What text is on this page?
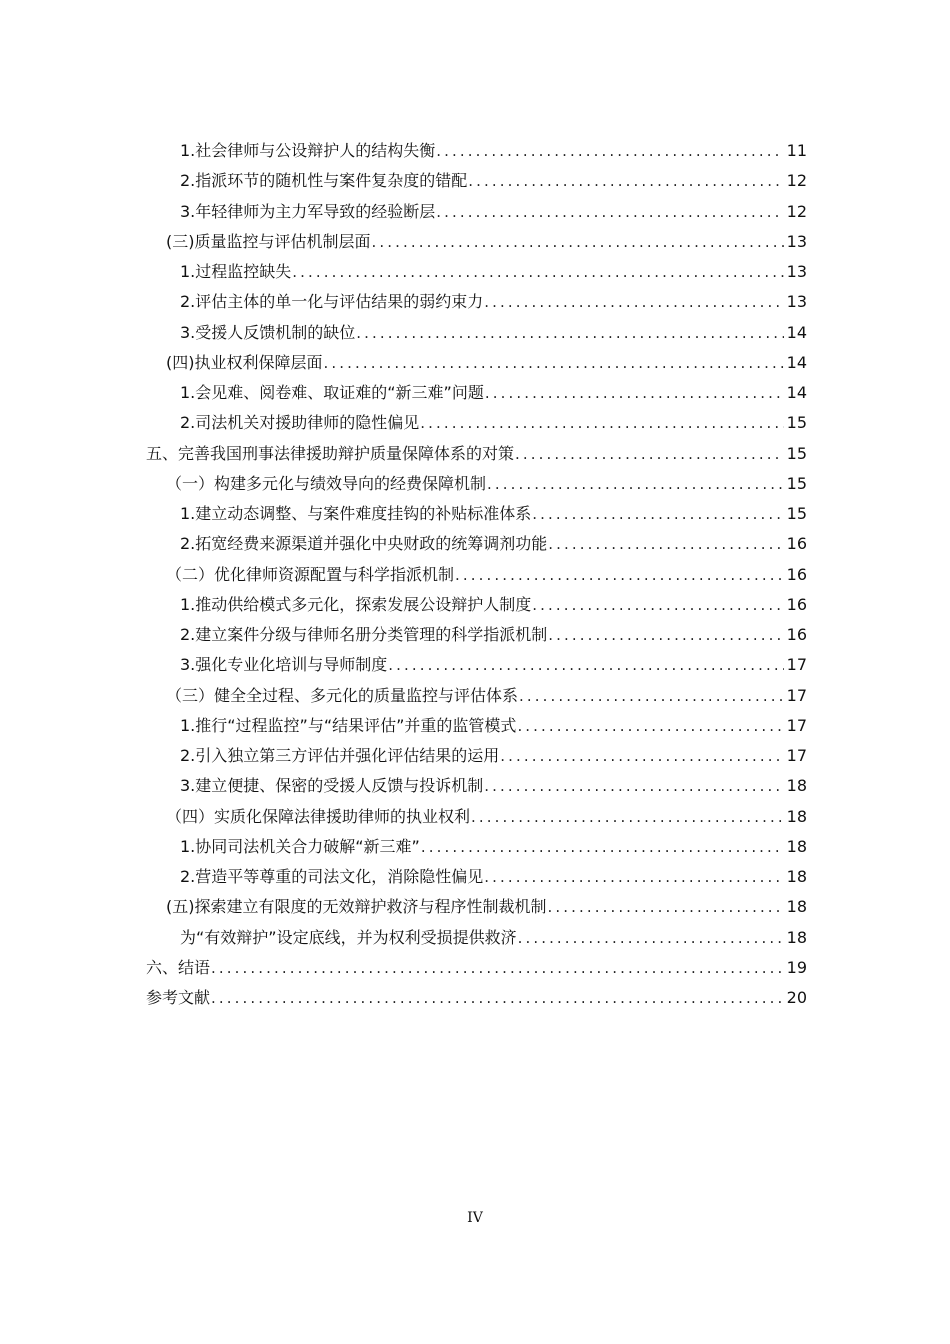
1.社会律师与公设辩护人的结构失衡 .....	11
2.指派环节的随机性与案件复杂度的错配 .....	12
3.年轻律师为主力军导致的经验断层 .....	12
(三)质量监控与评估机制层面 .....	13
1.过程监控缺失 .....	13
2.评估主体的单一化与评估结果的弱约束力 .....	13
3.受援人反馈机制的缺位 .....	14
(四)执业权利保障层面 .....	14
1.会见难、阅卷难、取证难的“新三难”问题 .....	14
2.司法机关对援助律师的隐性偏见 .....	15
五、完善我国刑事法律援助辩护质量保障体系的对策 .....	15
（一）构建多元化与绩效导向的经费保障机制 .....	15
1.建立动态调整、与案件难度挂钩的补贴标准体系 .....	15
2.拓宽经费来源渠道并强化中央财政的统筹调剂功能 .....	16
（二）优化律师资源配置与科学指派机制 .....	16
1.推动供给模式多元化，探索发展公设辩护人制度 .....	16
2.建立案件分级与律师名册分类管理的科学指派机制 .....	16
3.强化专业化培训与导师制度 .....	17
（三）健全全过程、多元化的质量监控与评估体系 .....	17
1.推行“过程监控”与“结果评估”并重的监管模式 .....	17
2.引入独立第三方评估并强化评估结果的运用 .....	17
3.建立便捷、保密的受援人反馈与投诉机制 .....	18
（四）实质化保障法律援助律师的执业权利 .....	18
1.协同司法机关合力破解“新三难” .....	18
2.营造平等尊重的司法文化，消除隐性偏见 .....	18
(五)探索建立有限度的无效辩护救济与程序性制裁机制 .....	18
为“有效辩护”设定底线，并为权利受损提供救济 .....	18
六、结语 .....	19
参考文献 .....	20
IV
